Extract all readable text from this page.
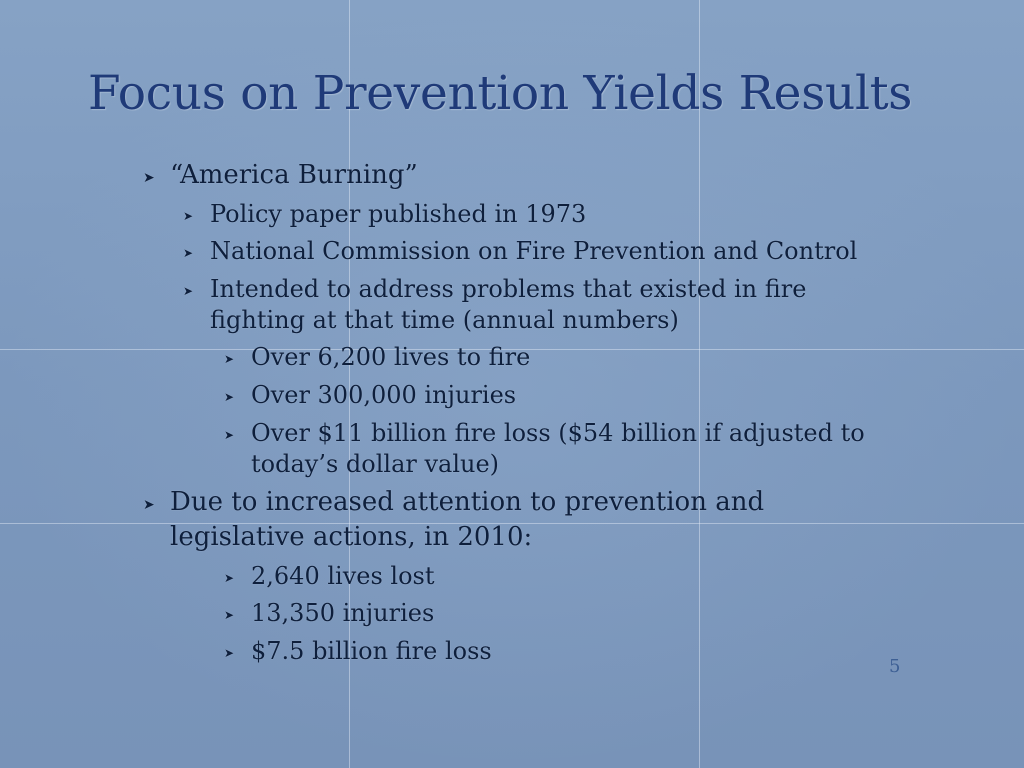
Focus on Prevention Yields Results
➤ “America Burning”
➤ Policy paper published in 1973
➤ National Commission on Fire Prevention and Control
➤ Intended to address problems that existed in fire
fighting at that time (annual numbers)
➤ Over 6,200 lives to fire
➤ Over 300,000 injuries
➤ Over $11 billion fire loss ($54 billion if adjusted to
today’s dollar value)
➤ Due to increased attention to prevention and
legislative actions, in 2010:
➤ 2,640 lives lost
➤ 13,350 injuries
➤ $7.5 billion fire loss
5
